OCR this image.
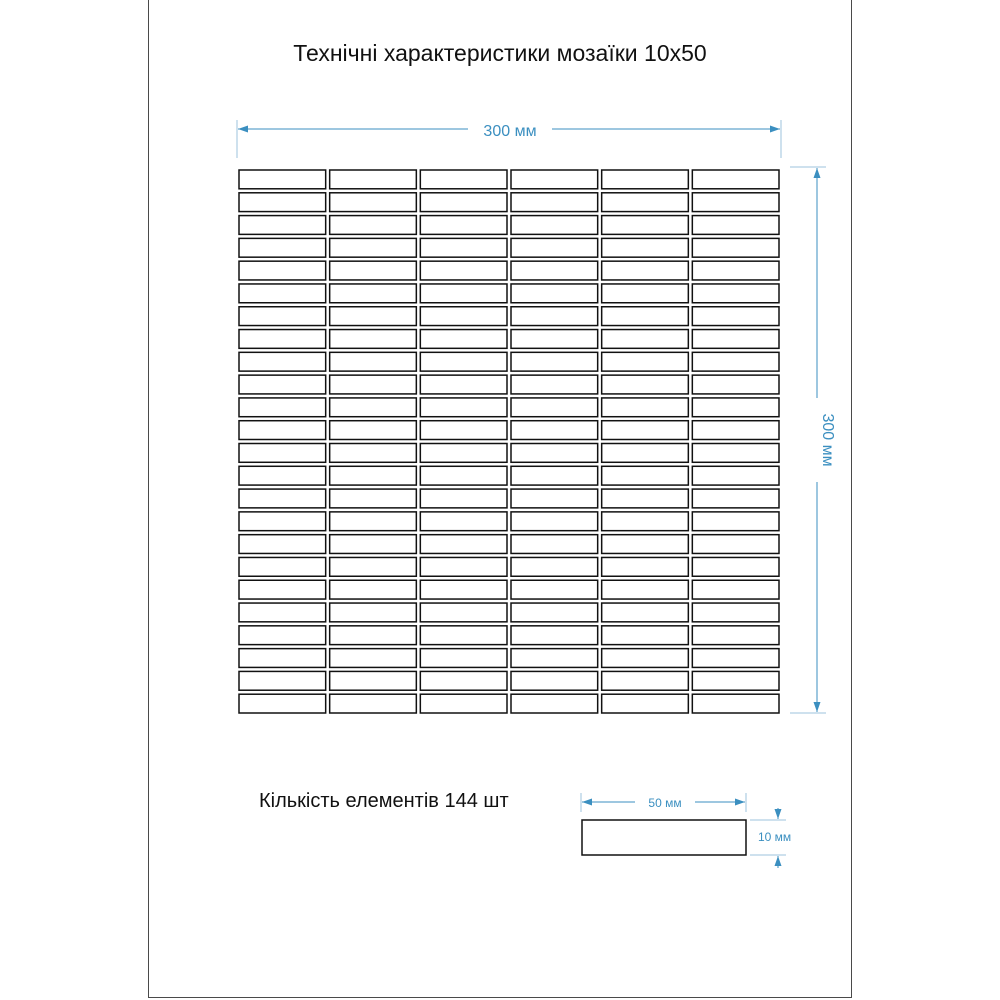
Технічні характеристики мозаїки 10х50
300 мм
300 мм
50 мм
10 мм
Кількість елементів 144 шт
